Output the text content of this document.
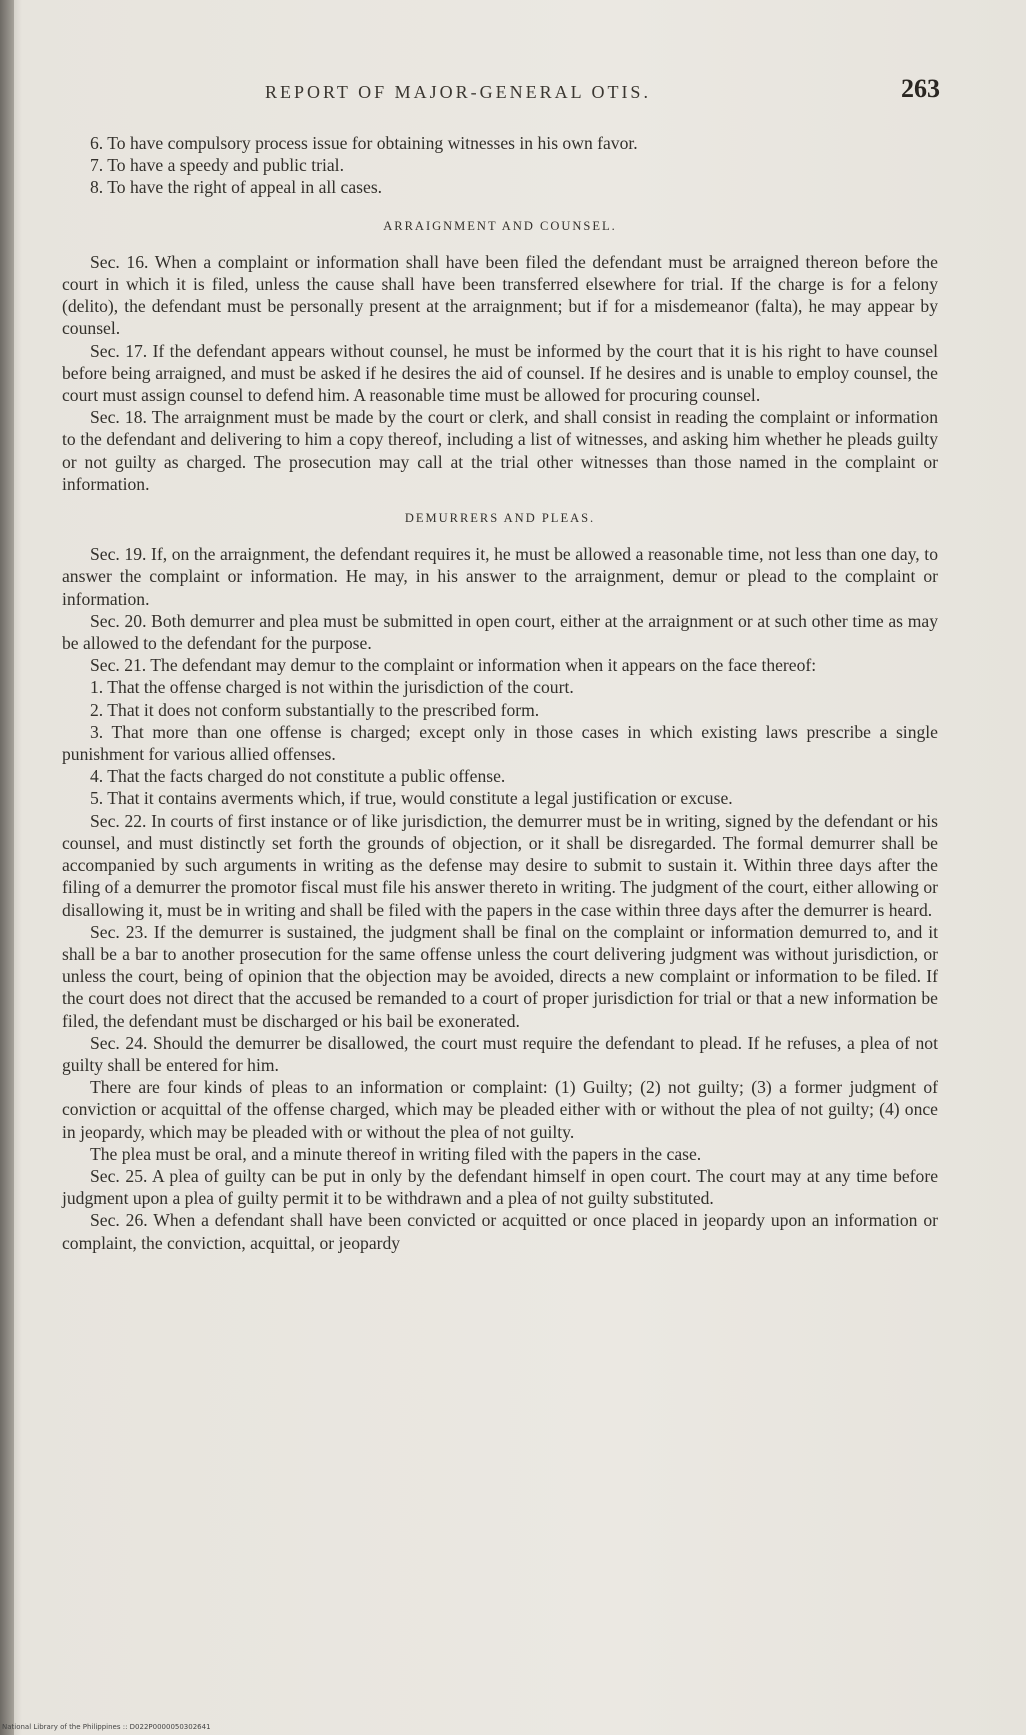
REPORT OF MAJOR-GENERAL OTIS.	263

6. To have compulsory process issue for obtaining witnesses in his own favor.

7. To have a speedy and public trial.

8. To have the right of appeal in all cases.

ARRAIGNMENT AND COUNSEL.

Sec. 16. When a complaint or information shall have been filed the defendant must be arraigned thereon before the court in which it is filed, unless the cause shall have been transferred elsewhere for trial. If the charge is for a felony (delito), the defendant must be personally present at the arraignment; but if for a misdemeanor (falta), he may appear by counsel.

Sec. 17. If the defendant appears without counsel, he must be informed by the court that it is his right to have counsel before being arraigned, and must be asked if he desires the aid of counsel. If he desires and is unable to employ counsel, the court must assign counsel to defend him. A reasonable time must be allowed for procuring counsel.

Sec. 18. The arraignment must be made by the court or clerk, and shall consist in reading the complaint or information to the defendant and delivering to him a copy thereof, including a list of witnesses, and asking him whether he pleads guilty or not guilty as charged. The prosecution may call at the trial other witnesses than those named in the complaint or information.

DEMURRERS AND PLEAS.

Sec. 19. If, on the arraignment, the defendant requires it, he must be allowed a reasonable time, not less than one day, to answer the complaint or information. He may, in his answer to the arraignment, demur or plead to the complaint or information.

Sec. 20. Both demurrer and plea must be submitted in open court, either at the arraignment or at such other time as may be allowed to the defendant for the purpose.

Sec. 21. The defendant may demur to the complaint or information when it appears on the face thereof:

1. That the offense charged is not within the jurisdiction of the court.

2. That it does not conform substantially to the prescribed form.

3. That more than one offense is charged; except only in those cases in which existing laws prescribe a single punishment for various allied offenses.

4. That the facts charged do not constitute a public offense.

5. That it contains averments which, if true, would constitute a legal justification or excuse.

Sec. 22. In courts of first instance or of like jurisdiction, the demurrer must be in writing, signed by the defendant or his counsel, and must distinctly set forth the grounds of objection, or it shall be disregarded. The formal demurrer shall be accompanied by such arguments in writing as the defense may desire to submit to sustain it. Within three days after the filing of a demurrer the promotor fiscal must file his answer thereto in writing. The judgment of the court, either allowing or disallowing it, must be in writing and shall be filed with the papers in the case within three days after the demurrer is heard.

Sec. 23. If the demurrer is sustained, the judgment shall be final on the complaint or information demurred to, and it shall be a bar to another prosecution for the same offense unless the court delivering judgment was without jurisdiction, or unless the court, being of opinion that the objection may be avoided, directs a new complaint or information to be filed. If the court does not direct that the accused be remanded to a court of proper jurisdiction for trial or that a new information be filed, the defendant must be discharged or his bail be exonerated.

Sec. 24. Should the demurrer be disallowed, the court must require the defendant to plead. If he refuses, a plea of not guilty shall be entered for him.

There are four kinds of pleas to an information or complaint: (1) Guilty; (2) not guilty; (3) a former judgment of conviction or acquittal of the offense charged, which may be pleaded either with or without the plea of not guilty; (4) once in jeopardy, which may be pleaded with or without the plea of not guilty.

The plea must be oral, and a minute thereof in writing filed with the papers in the case.

Sec. 25. A plea of guilty can be put in only by the defendant himself in open court. The court may at any time before judgment upon a plea of guilty permit it to be withdrawn and a plea of not guilty substituted.

Sec. 26. When a defendant shall have been convicted or acquitted or once placed in jeopardy upon an information or complaint, the conviction, acquittal, or jeopardy

National Library of the Philippines :: D022P0000050302641
